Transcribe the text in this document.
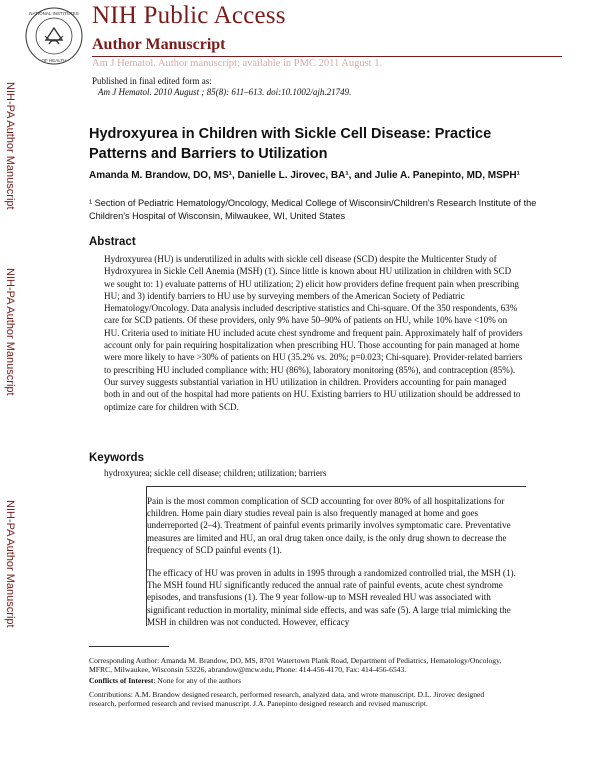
NATIONAL INSTITUTES
OF HEALTH
NIH Public Access
Author Manuscript
Am J Hematol. Author manuscript; available in PMC 2011 August 1.
NIH-PA Author Manuscript
NIH-PA Author Manuscript
NIH-PA Author Manuscript
Published in final edited form as:
Am J Hematol. 2010 August ; 85(8): 611–613. doi:10.1002/ajh.21749.
Hydroxyurea in Children with Sickle Cell Disease: Practice Patterns and Barriers to Utilization
Amanda M. Brandow, DO, MS¹, Danielle L. Jirovec, BA¹, and Julie A. Panepinto, MD, MSPH¹
¹ Section of Pediatric Hematology/Oncology, Medical College of Wisconsin/Children's Research Institute of the Children's Hospital of Wisconsin, Milwaukee, WI, United States
Abstract
Hydroxyurea (HU) is underutilized in adults with sickle cell disease (SCD) despite the Multicenter Study of Hydroxyurea in Sickle Cell Anemia (MSH) (1). Since little is known about HU utilization in children with SCD we sought to: 1) evaluate patterns of HU utilization; 2) elicit how providers define frequent pain when prescribing HU; and 3) identify barriers to HU use by surveying members of the American Society of Pediatric Hematology/Oncology. Data analysis included descriptive statistics and Chi-square. Of the 350 respondents, 63% care for SCD patients. Of these providers, only 9% have 50–90% of patients on HU, while 10% have <10% on HU. Criteria used to initiate HU included acute chest syndrome and frequent pain. Approximately half of providers account only for pain requiring hospitalization when prescribing HU. Those accounting for pain managed at home were more likely to have >30% of patients on HU (35.2% vs. 20%; p=0.023; Chi-square). Provider-related barriers to prescribing HU included compliance with: HU (86%), laboratory monitoring (85%), and contraception (85%). Our survey suggests substantial variation in HU utilization in children. Providers accounting for pain managed both in and out of the hospital had more patients on HU. Existing barriers to HU utilization should be addressed to optimize care for children with SCD.
Keywords
hydroxyurea; sickle cell disease; children; utilization; barriers
Pain is the most common complication of SCD accounting for over 80% of all hospitalizations for children. Home pain diary studies reveal pain is also frequently managed at home and goes underreported (2–4). Treatment of painful events primarily involves symptomatic care. Preventative measures are limited and HU, an oral drug taken once daily, is the only drug shown to decrease the frequency of SCD painful events (1).
The efficacy of HU was proven in adults in 1995 through a randomized controlled trial, the MSH (1). The MSH found HU significantly reduced the annual rate of painful events, acute chest syndrome episodes, and transfusions (1). The 9 year follow-up to MSH revealed HU was associated with significant reduction in mortality, minimal side effects, and was safe (5). A large trial mimicking the MSH in children was not conducted. However, efficacy
Corresponding Author: Amanda M. Brandow, DO, MS, 8701 Watertown Plank Road, Department of Pediatrics, Hematology/Oncology, MFRC, Milwaukee, Wisconsin 53226, abrandow@mcw.edu, Phone: 414-456-4170, Fax: 414-456-6543.
Conflicts of Interest: None for any of the authors
Contributions: A.M. Brandow designed research, performed research, analyzed data, and wrote manuscript. D.L. Jirovec designed research, performed research and revised manuscript. J.A. Panepinto designed research and revised manuscript.
